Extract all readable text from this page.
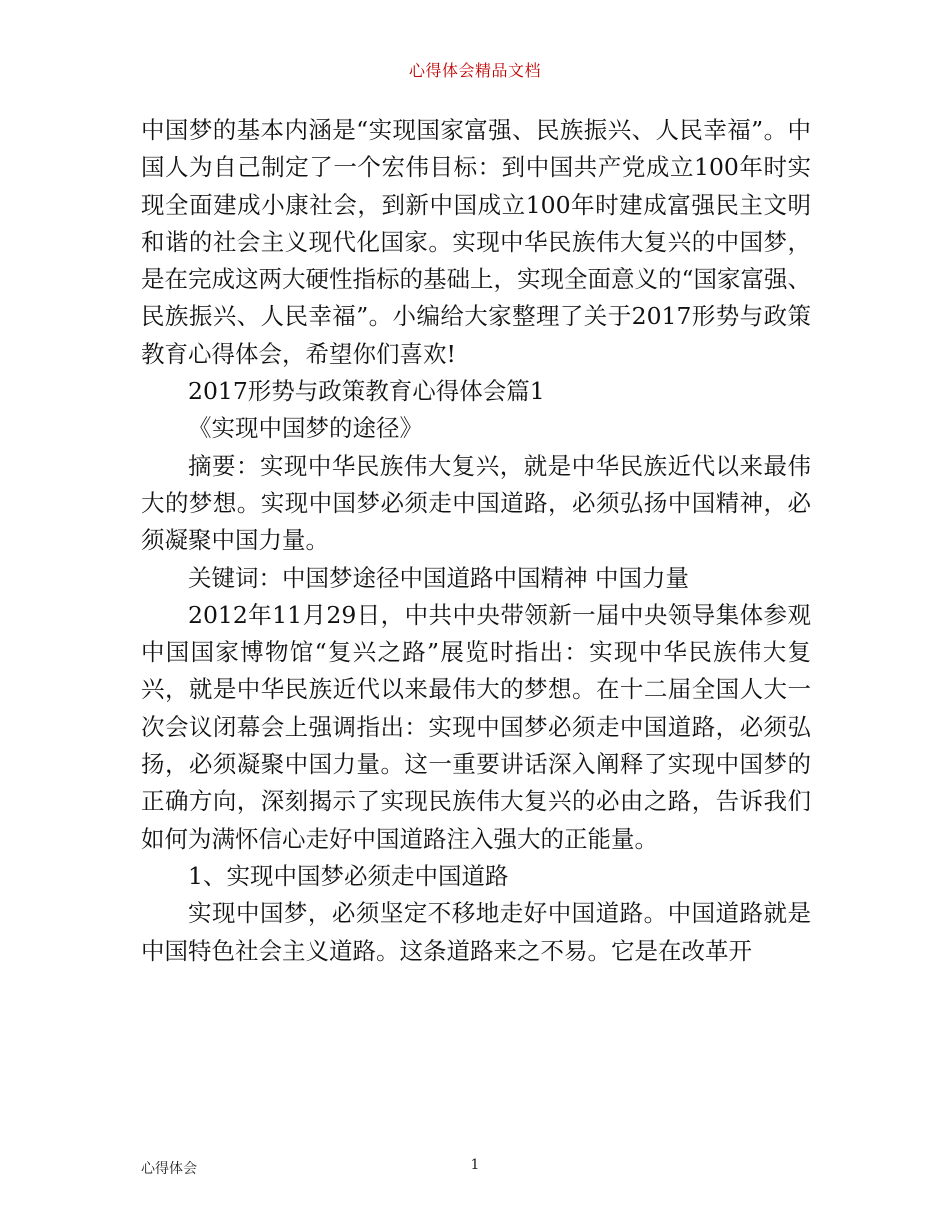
心得体会精品文档

中国梦的基本内涵是“实现国家富强、民族振兴、人民幸福”。中国人为自己制定了一个宏伟目标：到中国共产党成立100年时实现全面建成小康社会，到新中国成立100年时建成富强民主文明和谐的社会主义现代化国家。实现中华民族伟大复兴的中国梦，是在完成这两大硬性指标的基础上，实现全面意义的“国家富强、民族振兴、人民幸福”。小编给大家整理了关于2017形势与政策教育心得体会，希望你们喜欢!

2017形势与政策教育心得体会篇1

《实现中国梦的途径》

摘要：实现中华民族伟大复兴，就是中华民族近代以来最伟大的梦想。实现中国梦必须走中国道路，必须弘扬中国精神，必须凝聚中国力量。

关键词：中国梦途径中国道路中国精神 中国力量

2012年11月29日，中共中央带领新一届中央领导集体参观中国国家博物馆“复兴之路”展览时指出：实现中华民族伟大复兴，就是中华民族近代以来最伟大的梦想。在十二届全国人大一次会议闭幕会上强调指出：实现中国梦必须走中国道路，必须弘扬，必须凝聚中国力量。这一重要讲话深入阐释了实现中国梦的正确方向，深刻揭示了实现民族伟大复兴的必由之路，告诉我们如何为满怀信心走好中国道路注入强大的正能量。

1、实现中国梦必须走中国道路

实现中国梦，必须坚定不移地走好中国道路。中国道路就是中国特色社会主义道路。这条道路来之不易。它是在改革开

心得体会	1
